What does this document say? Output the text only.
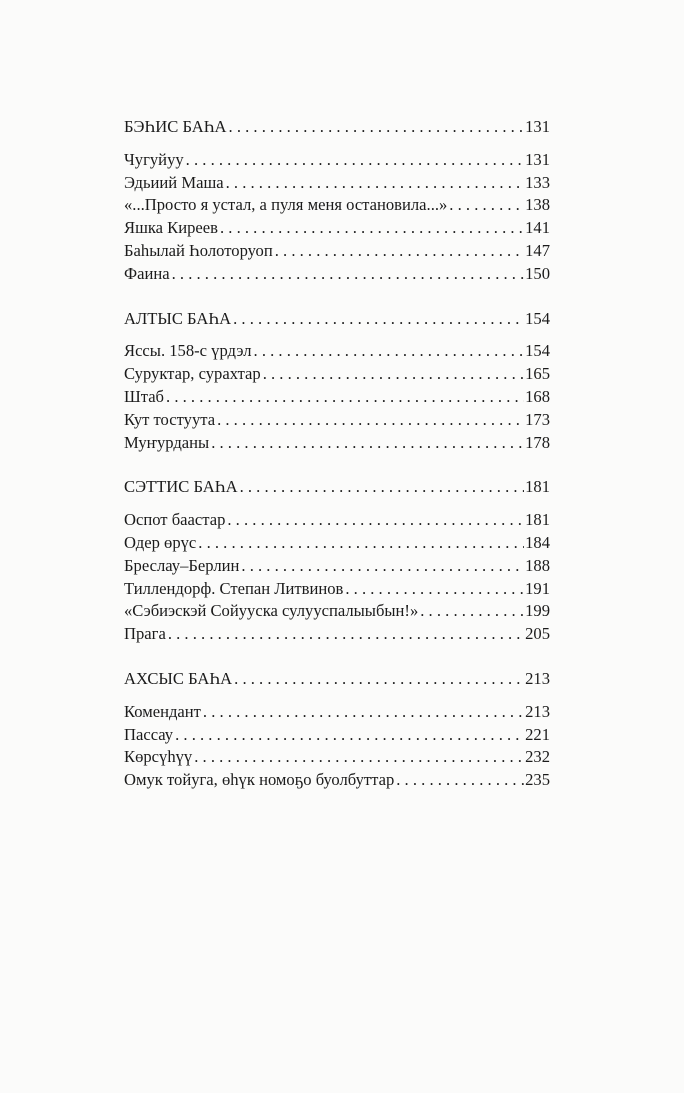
БЭҺИС БАҺА . . .	131
Чугуйуу . . .	131
Эдьиий Маша . . .	133
«...Просто я устал, а пуля меня остановила...» . . .	138
Яшка Киреев . . .	141
Баһылай Һолоторуоп . . .	147
Фаина . . .	150
АЛТЫС БАҺА . . .	154
Яссы. 158-с үрдэл . . .	154
Суруктар, сурахтар . . .	165
Штаб . . .	168
Кут тостуута . . .	173
Муҥурданы . . .	178
СЭТТИС БАҺА . . .	181
Оспот баастар . . .	181
Одер өрүс . . .	184
Бреслау–Берлин . . .	188
Тиллендорф. Степан Литвинов . . .	191
«Сэбиэскэй Сойууска сулууспалыыбын!» . . .	199
Прага . . .	205
АХСЫС БАҺА . . .	213
Комендант . . .	213
Пассау . . .	221
Көрсүһүү . . .	232
Омук тойуга, өһүк номоҕо буолбуттар . . .	235
